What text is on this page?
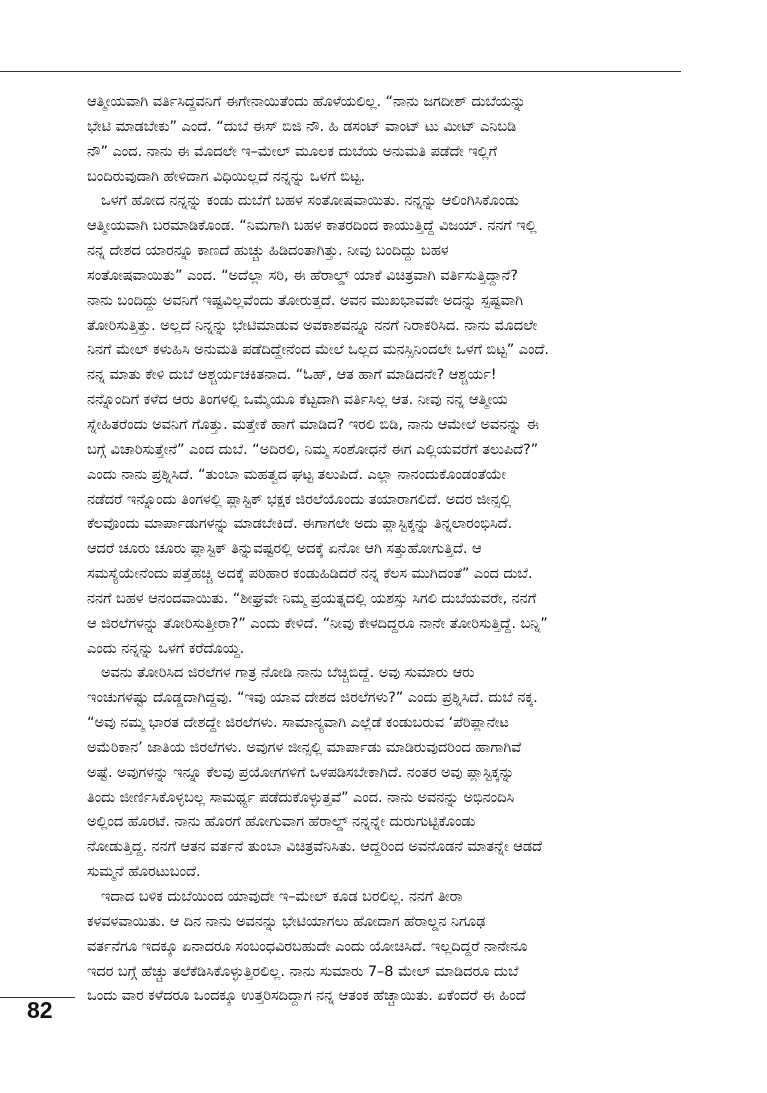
ಆತ್ಮೀಯವಾಗಿ ವರ್ತಿಸಿದ್ದವನಿಗೆ ಈಗೇನಾಯಿತೆಂದು ಹೊಳೆಯಲಿಲ್ಲ. “ನಾನು ಜಗದೀಶ್ ದುಬೆಯನ್ನು
ಭೇಟಿ ಮಾಡಬೇಕು” ಎಂದೆ. “ದುಬೆ ಈಸ್ ಬಿಜಿ ನೌ. ಹಿ ಡಸಂಟ್ ವಾಂಟ್ ಟು ಮೀಟ್ ಎನಿಬಡಿ
ನೌ” ಎಂದ. ನಾನು ಈ ಮೊದಲೇ ಇ–ಮೇಲ್ ಮೂಲಕ ದುಬೆಯ ಅನುಮತಿ ಪಡೆದೇ ಇಲ್ಲಿಗೆ
ಬಂದಿರುವುದಾಗಿ ಹೇಳಿದಾಗ ವಿಧಿಯಿಲ್ಲದೆ ನನ್ನನ್ನು ಒಳಗೆ ಬಿಟ್ಟ.
ಒಳಗೆ ಹೋದ ನನ್ನನ್ನು ಕಂಡು ದುಬೆಗೆ ಬಹಳ ಸಂತೋಷವಾಯಿತು. ನನ್ನನ್ನು ಆಲಿಂಗಿಸಿಕೊಂಡು
ಆತ್ಮೀಯವಾಗಿ ಬರಮಾಡಿಕೊಂಡ. “ನಿಮಗಾಗಿ ಬಹಳ ಕಾತರದಿಂದ ಕಾಯುತ್ತಿದ್ದೆ ವಿಜಯ್. ನನಗೆ ಇಲ್ಲಿ
ನನ್ನ ದೇಶದ ಯಾರನ್ನೂ ಕಾಣದೆ ಹುಚ್ಚು ಹಿಡಿದಂತಾಗಿತ್ತು. ನೀವು ಬಂದಿದ್ದು ಬಹಳ
ಸಂತೋಷವಾಯಿತು” ಎಂದ. “ಅದೆಲ್ಲಾ ಸರಿ, ಈ ಹೆರಾಲ್ಡ್ ಯಾಕೆ ವಿಚಿತ್ರವಾಗಿ ವರ್ತಿಸುತ್ತಿದ್ದಾನೆ?
ನಾನು ಬಂದಿದ್ದು ಅವನಿಗೆ ಇಷ್ಟವಿಲ್ಲವೆಂದು ತೋರುತ್ತದೆ. ಅವನ ಮುಖಭಾವವೇ ಅದನ್ನು ಸ್ಪಷ್ಟವಾಗಿ
ತೋರಿಸುತ್ತಿತ್ತು. ಅಲ್ಲದೆ ನಿನ್ನನ್ನು ಭೇಟಿಮಾಡುವ ಅವಕಾಶವನ್ನೂ ನನಗೆ ನಿರಾಕರಿಸಿದ. ನಾನು ಮೊದಲೇ
ನಿನಗೆ ಮೇಲ್ ಕಳುಹಿಸಿ ಅನುಮತಿ ಪಡೆದಿದ್ದೇನೆಂದ ಮೇಲೆ ಒಲ್ಲದ ಮನಸ್ಸಿನಿಂದಲೇ ಒಳಗೆ ಬಿಟ್ಟ” ಎಂದೆ.
ನನ್ನ ಮಾತು ಕೇಳಿ ದುಬೆ ಆಶ್ಚರ್ಯಚಕಿತನಾದ. “ಓಹ್, ಆತ ಹಾಗೆ ಮಾಡಿದನೇ? ಆಶ್ಚರ್ಯ!
ನನ್ನೊಂದಿಗೆ ಕಳೆದ ಆರು ತಿಂಗಳಲ್ಲಿ ಒಮ್ಮೆಯೂ ಕೆಟ್ಟದಾಗಿ ವರ್ತಿಸಿಲ್ಲ ಆತ. ನೀವು ನನ್ನ ಆತ್ಮೀಯ
ಸ್ನೇಹಿತರೆಂದು ಅವನಿಗೆ ಗೊತ್ತು. ಮತ್ತೇಕೆ ಹಾಗೆ ಮಾಡಿದ? ಇರಲಿ ಬಿಡಿ, ನಾನು ಆಮೇಲೆ ಅವನನ್ನು ಈ
ಬಗ್ಗೆ ವಿಚಾರಿಸುತ್ತೇನೆ” ಎಂದ ದುಬೆ. “ಅದಿರಲಿ, ನಿಮ್ಮ ಸಂಶೋಧನೆ ಈಗ ಎಲ್ಲಿಯವರೆಗೆ ತಲುಪಿದೆ?”
ಎಂದು ನಾನು ಪ್ರಶ್ನಿಸಿದೆ. “ತುಂಬಾ ಮಹತ್ವದ ಘಟ್ಟ ತಲುಪಿದೆ. ಎಲ್ಲಾ ನಾನಂದುಕೊಂಡಂತೆಯೇ
ನಡೆದರೆ ಇನ್ನೊಂದು ತಿಂಗಳಲ್ಲಿ ಪ್ಲಾಸ್ಟಿಕ್ ಭಕ್ಷಕ ಜಿರಲೆಯೊಂದು ತಯಾರಾಗಲಿದೆ. ಅದರ ಜೀನ್ಸಲ್ಲಿ
ಕೆಲವೊಂದು ಮಾರ್ಪಾಡುಗಳನ್ನು ಮಾಡಬೇಕಿದೆ. ಈಗಾಗಲೇ ಅದು ಪ್ಲಾಸ್ಟಿಕ್ಕನ್ನು ತಿನ್ನಲಾರಂಭಿಸಿದೆ.
ಆದರೆ ಚೂರು ಚೂರು ಪ್ಲಾಸ್ಟಿಕ್ ತಿನ್ನುವಷ್ಟರಲ್ಲಿ ಅದಕ್ಕೆ ಏನೋ ಆಗಿ ಸತ್ತುಹೋಗುತ್ತಿದೆ. ಆ
ಸಮಸ್ಯೆಯೇನೆಂದು ಪತ್ತೆಹಚ್ಚಿ ಅದಕ್ಕೆ ಪರಿಹಾರ ಕಂಡುಹಿಡಿದರೆ ನನ್ನ ಕೆಲಸ ಮುಗಿದಂತೆ” ಎಂದ ದುಬೆ.
ನನಗೆ ಬಹಳ ಆನಂದವಾಯಿತು. “ಶೀಘ್ರವೇ ನಿಮ್ಮ ಪ್ರಯತ್ನದಲ್ಲಿ ಯಶಸ್ಸು ಸಿಗಲಿ ದುಬೆಯವರೇ, ನನಗೆ
ಆ ಜಿರಲೆಗಳನ್ನು ತೋರಿಸುತ್ತೀರಾ?” ಎಂದು ಕೇಳಿದೆ. “ನೀವು ಕೇಳದಿದ್ದರೂ ನಾನೇ ತೋರಿಸುತ್ತಿದ್ದೆ. ಬನ್ನಿ”
ಎಂದು ನನ್ನನ್ನು ಒಳಗೆ ಕರೆದೊಯ್ದ.
ಅವನು ತೋರಿಸಿದ ಜಿರಲೆಗಳ ಗಾತ್ರ ನೋಡಿ ನಾನು ಬೆಚ್ಚಿಬಿದ್ದೆ. ಅವು ಸುಮಾರು ಆರು
ಇಂಚುಗಳಷ್ಟು ದೊಡ್ಡದಾಗಿದ್ದವು. “ಇವು ಯಾವ ದೇಶದ ಜಿರಲೆಗಳು?” ಎಂದು ಪ್ರಶ್ನಿಸಿದೆ. ದುಬೆ ನಕ್ಕ.
“ಅವು ನಮ್ಮ ಭಾರತ ದೇಶದ್ದೇ ಜಿರಲೆಗಳು. ಸಾಮಾನ್ಯವಾಗಿ ಎಲ್ಲೆಡೆ ಕಂಡುಬರುವ ‘ಪೆರಿಪ್ಲಾನೇಟ
ಅಮೆರಿಕಾನ’ ಜಾತಿಯ ಜಿರಲೆಗಳು. ಅವುಗಳ ಜೀನ್ಸಲ್ಲಿ ಮಾರ್ಪಾಡು ಮಾಡಿರುವುದರಿಂದ ಹಾಗಾಗಿವೆ
ಅಷ್ಟೆ. ಅವುಗಳನ್ನು ಇನ್ನೂ ಕೆಲವು ಪ್ರಯೋಗಗಳಿಗೆ ಒಳಪಡಿಸಬೇಕಾಗಿದೆ. ನಂತರ ಅವು ಪ್ಲಾಸ್ಟಿಕ್ಕನ್ನು
ತಿಂದು ಜೀರ್ಣಿಸಿಕೊಳ್ಳಬಲ್ಲ ಸಾಮರ್ಥ್ಯ ಪಡೆದುಕೊಳ್ಳುತ್ತವೆ” ಎಂದ. ನಾನು ಅವನನ್ನು ಅಭಿನಂದಿಸಿ
ಅಲ್ಲಿಂದ ಹೊರಟೆ. ನಾನು ಹೊರಗೆ ಹೋಗುವಾಗ ಹೆರಾಲ್ಡ್ ನನ್ನನ್ನೇ ದುರುಗುಟ್ಟಿಕೊಂಡು
ನೋಡುತ್ತಿದ್ದ. ನನಗೆ ಆತನ ವರ್ತನೆ ತುಂಬಾ ವಿಚಿತ್ರವೆನಿಸಿತು. ಆದ್ದರಿಂದ ಅವನೊಡನೆ ಮಾತನ್ನೇ ಆಡದೆ
ಸುಮ್ಮನೆ ಹೊರಟುಬಂದೆ.
ಇದಾದ ಬಳಿಕ ದುಬೆಯಿಂದ ಯಾವುದೇ ಇ–ಮೇಲ್ ಕೂಡ ಬರಲಿಲ್ಲ. ನನಗೆ ತೀರಾ
ಕಳವಳವಾಯಿತು. ಆ ದಿನ ನಾನು ಅವನನ್ನು ಭೇಟಿಯಾಗಲು ಹೋದಾಗ ಹೆರಾಲ್ಡನ ನಿಗೂಢ
ವರ್ತನೆಗೂ ಇದಕ್ಕೂ ಏನಾದರೂ ಸಂಬಂಧವಿರಬಹುದೇ ಎಂದು ಯೋಚಿಸಿದೆ. ಇಲ್ಲದಿದ್ದರೆ ನಾನೇನೂ
ಇದರ ಬಗ್ಗೆ ಹೆಚ್ಚು ತಲೆಕೆಡಿಸಿಕೊಳ್ಳುತ್ತಿರಲಿಲ್ಲ. ನಾನು ಸುಮಾರು 7–8 ಮೇಲ್ ಮಾಡಿದರೂ ದುಬೆ
ಒಂದು ವಾರ ಕಳೆದರೂ ಒಂದಕ್ಕೂ ಉತ್ತರಿಸದಿದ್ದಾಗ ನನ್ನ ಆತಂಕ ಹೆಚ್ಚಾಯಿತು. ಏಕೆಂದರೆ ಈ ಹಿಂದೆ
82
